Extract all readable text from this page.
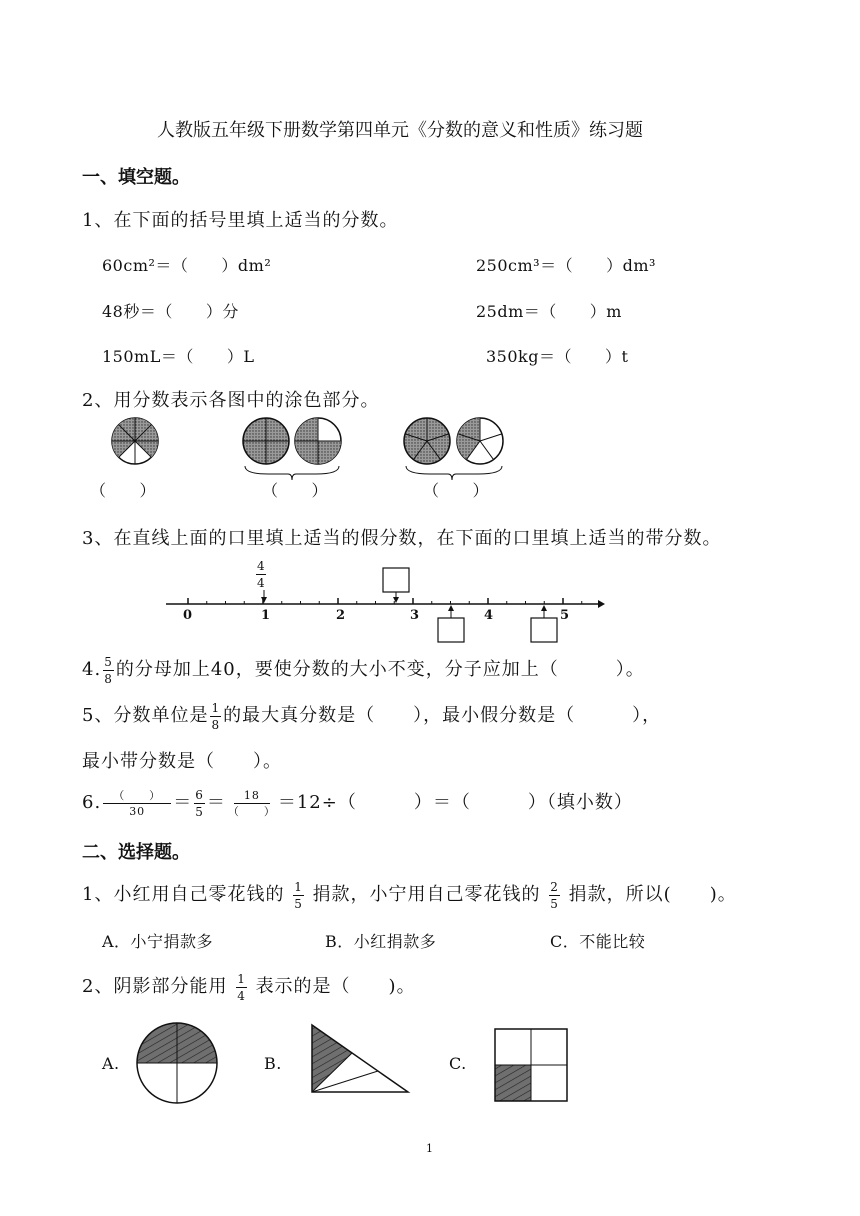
人教版五年级下册数学第四单元《分数的意义和性质》练习题
一、填空题。
1、在下面的括号里填上适当的分数。
60cm²＝（　　）dm²	250cm³＝（　　）dm³
48秒＝（　　）分	25dm＝（　　）m
150mL＝（　　）L	350kg＝（　　）t
2、用分数表示各图中的涂色部分。
（　　）	（　　）	（　　）
3、在直线上面的口里填上适当的假分数，在下面的口里填上适当的带分数。
$\frac{4}{4}$
0	1	2	3	4	5
4. $\frac{5}{8}$ 的分母加上40，要使分数的大小不变，分子应加上（　　　）。
5、分数单位是 $\frac{1}{8}$ 的最大真分数是（　　），最小假分数是（　　　），
最小带分数是（　　）。
6.	（　　）
$30 = \frac{6}{5}$ ＝	18
（　　） ＝12÷（　　　）＝（　　　）（填小数）
二、选择题。
1、小红用自己零花钱的 $\frac{1}{5}$ 捐款，小宁用自己零花钱的 $\frac{2}{5}$ 捐款，所以(　　)。
A．小宁捐款多	B．小红捐款多	C．不能比较
2、阴影部分能用 $\frac{1}{4}$ 表示的是（　　)。
A.	B.	C.
1
